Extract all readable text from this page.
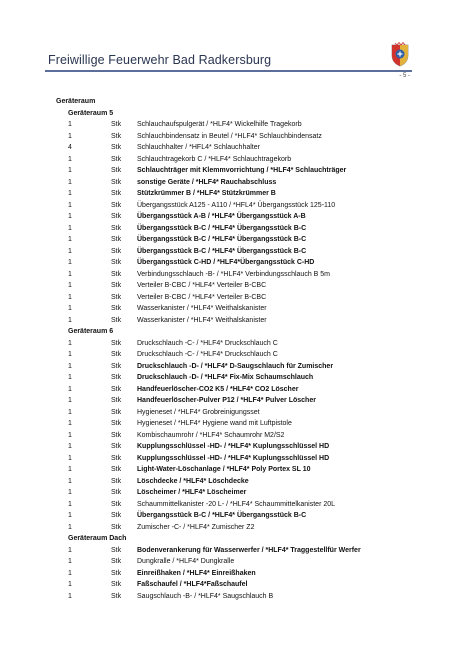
Freiwillige Feuerwehr Bad Radkersburg
- 5 -
Geräteraum
Geräteraum 5
1	Stk	Schlauchaufspulgerät / *HLF4* Wickelhilfe Tragekorb
1	Stk	Schlauchbindensatz in Beutel / *HLF4* Schlauchbindensatz
4	Stk	Schlauchhalter / *HFL4* Schlauchhalter
1	Stk	Schlauchtragekorb C / *HLF4* Schlauchtragekorb
1	Stk	Schlauchträger mit Klemmvorrichtung / *HLF4* Schlauchträger
1	Stk	sonstige Geräte / *HLF4* Rauchabschluss
1	Stk	Stützkrümmer B / *HLF4* Stützkrümmer B
1	Stk	Übergangsstück A125 - A110 / *HFL4* Übergangsstück 125-110
1	Stk	Übergangsstück A-B / *HLF4* Übergangsstück A-B
1	Stk	Übergangsstück B-C / *HLF4* Übergangsstück B-C
1	Stk	Übergangsstück B-C / *HLF4* Übergangsstück B-C
1	Stk	Übergangsstück B-C / *HLF4* Übergangsstück B-C
1	Stk	Übergangsstück C-HD / *HLF4*Übergangsstück C-HD
1	Stk	Verbindungsschlauch -B- / *HLF4* Verbindungsschlauch B 5m
1	Stk	Verteiler B-CBC / *HLF4* Verteiler B-CBC
1	Stk	Verteiler B-CBC / *HLF4* Verteiler B-CBC
1	Stk	Wasserkanister / *HLF4* Weithalskanister
1	Stk	Wasserkanister / *HLF4* Weithalskanister
Geräteraum 6
1	Stk	Druckschlauch -C- / *HLF4* Druckschlauch C
1	Stk	Druckschlauch -C- / *HLF4* Druckschlauch C
1	Stk	Druckschlauch -D- / *HLF4* D-Saugschlauch für Zumischer
1	Stk	Druckschlauch -D- / *HLF4* Fix-Mix Schaumschlauch
1	Stk	Handfeuerlöscher-CO2 K5 / *HLF4* CO2 Löscher
1	Stk	Handfeuerlöscher-Pulver P12 / *HLF4* Pulver Löscher
1	Stk	Hygieneset / *HLF4* Grobreinigungsset
1	Stk	Hygieneset / *HLF4* Hygiene wand mit Luftpistole
1	Stk	Kombischaumrohr / *HLF4* Schaumrohr M2/S2
1	Stk	Kupplungsschlüssel -HD- / *HLF4* Kuplungsschlüssel HD
1	Stk	Kupplungsschlüssel -HD- / *HLF4* Kuplungsschlüssel HD
1	Stk	Light-Water-Löschanlage / *HLF4* Poly Portex SL 10
1	Stk	Löschdecke / *HLF4* Löschdecke
1	Stk	Löscheimer / *HLF4* Löscheimer
1	Stk	Schaummittelkanister -20 L- / *HLF4* Schaummittelkanister 20L
1	Stk	Übergangsstück B-C / *HLF4* Übergangsstück B-C
1	Stk	Zumischer -C- / *HLF4* Zumischer Z2
Geräteraum Dach
1	Stk	Bodenverankerung für Wasserwerfer / *HLF4* Traggestellfür Werfer
1	Stk	Dungkralle / *HLF4* Dungkralle
1	Stk	Einreißhaken / *HLF4* Einreißhaken
1	Stk	Faßschaufel / *HLF4*Faßschaufel
1	Stk	Saugschlauch -B- / *HLF4* Saugschlauch B
